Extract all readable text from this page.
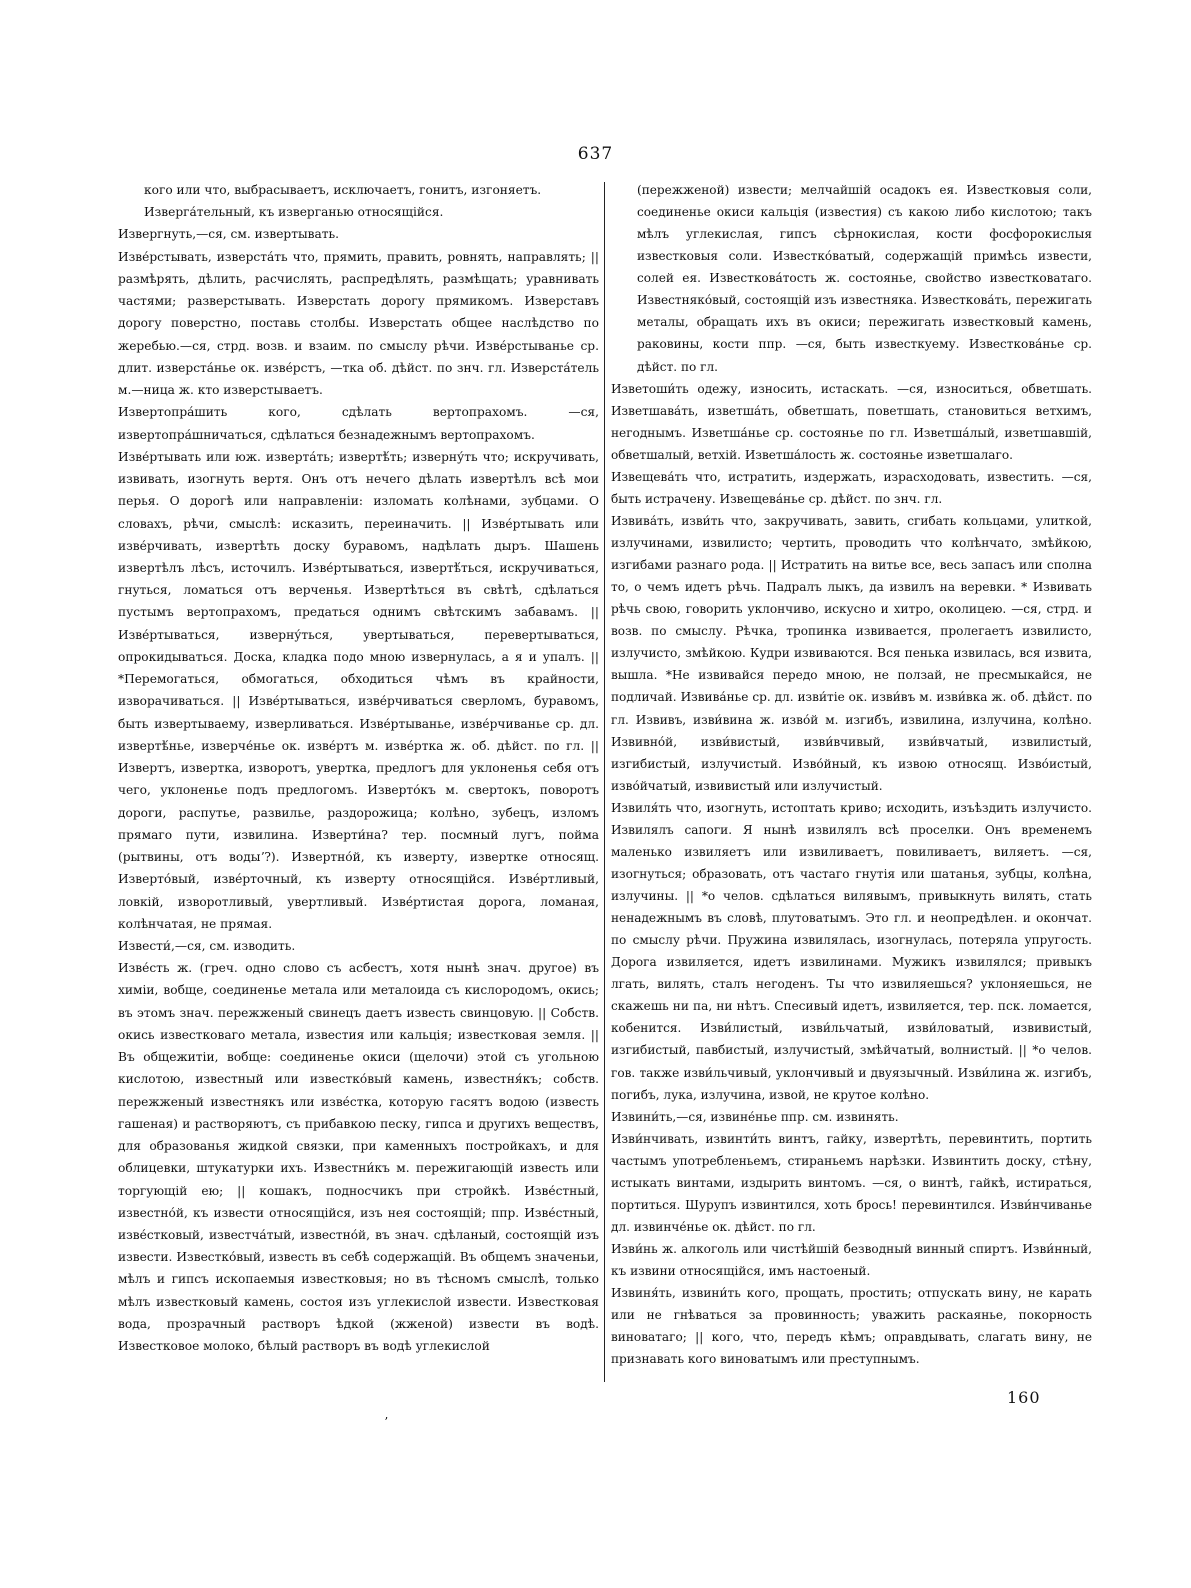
637

кого или что, выбрасываетъ, исключаетъ, гонитъ, изгоняетъ.

Изверга́тельный, къ изверганью относящійся.

Извергнуть,—ся, см. извертывать.

Изве́рстывать, изверста́ть что, прямить, править, ровнять, направлять; || размѣрять, дѣлить, расчислять, распредѣлять, размѣщать; уравнивать частями; разверстывать. Изверстать дорогу прямикомъ. Изверставъ дорогу поверстно, поставь столбы. Изверстать общее наслѣдство по жеребью.—ся, стрд. возв. и взаим. по смыслу рѣчи. Изве́рстыванье ср. длит. изверста́нье ок. изве́рстъ, —тка об. дѣйст. по знч. гл. Изверста́тель м.—ница ж. кто изверстываетъ.

Извертопра́шить кого, сдѣлать вертопрахомъ. —ся, извертопра́шничаться, сдѣлаться безнадежнымъ вертопрахомъ.

Изве́ртывать или юж. изверта́ть; извертѣ́ть; изверну́ть что; искручивать, извивать, изогнуть вертя. Онъ отъ нечего дѣлать извертѣлъ всѣ мои перья. О дорогѣ или направленіи: изломать колѣнами, зубцами. О словахъ, рѣчи, смыслѣ: исказить, переиначить. || Изве́ртывать или изве́рчивать, извертѣть доску буравомъ, надѣлать дыръ. Шашень извертѣлъ лѣсъ, источилъ. Изве́ртываться, извертѣ́ться, искручиваться, гнуться, ломаться отъ верченья. Извертѣться въ свѣтѣ, сдѣлаться пустымъ вертопрахомъ, предаться однимъ свѣтскимъ забавамъ. || Изве́ртываться, изверну́ться, увертываться, перевертываться, опрокидываться. Доска, кладка подо мною извернулась, а я и упалъ. || *Перемогаться, обмогаться, обходиться чѣмъ въ крайности, изворачиваться. || Изве́ртываться, изве́рчиваться сверломъ, буравомъ, быть извертываему, изверливаться. Изве́ртыванье, изве́рчиванье ср. дл. извертѣ́нье, изверче́нье ок. изве́ртъ м. изве́ртка ж. об. дѣйст. по гл. || Извертъ, извертка, изворотъ, увертка, предлогъ для уклоненья себя отъ чего, уклоненье подъ предлогомъ. Изверто́къ м. свертокъ, поворотъ дороги, распутье, развилье, раздорожица; колѣно, зубецъ, изломъ прямаго пути, извилина. Изверти́на? тер. посмный лугъ, пойма (рытвины, отъ водыʼ?). Извертно́й, къ изверту, извертке относящ. Изверто́вый, изве́рточный, къ изверту относящійся. Изве́ртливый, ловкій, изворотливый, увертливый. Изве́ртистая дорога, ломаная, колѣнчатая, не прямая.

Извести́,—ся, см. изводить.

Изве́сть ж. (греч. одно слово съ асбестъ, хотя нынѣ знач. другое) въ химіи, вобще, соединенье метала или металоида съ кислородомъ, окись; въ этомъ знач. пережженый свинецъ даетъ известь свинцовую. || Собств. окись известковаго метала, известия или кальція; известковая земля. || Въ общежитіи, вобще: соединенье окиси (щелочи) этой съ угольною кислотою, известный или известко́вый камень, известня́къ; собств. пережженый известнякъ или изве́стка, которую гасятъ водою (известь гашеная) и растворяютъ, съ прибавкою песку, гипса и другихъ веществъ, для образованья жидкой связки, при каменныхъ постройкахъ, и для облицевки, штукатурки ихъ. Известни́къ м. пережигающій известь или торгующій ею; || кошакъ, подносчикъ при стройкѣ. Изве́стный, известно́й, къ извести относящійся, изъ нея состоящій; ппр. Изве́стный, изве́стковый, известча́тый, известно́й, въ знач. сдѣланый, состоящій изъ извести. Известко́вый, известь въ себѣ содержащій. Въ общемъ значеньи, мѣлъ и гипсъ ископаемыя известковыя; но въ тѣсномъ смыслѣ, только мѣлъ известковый камень, состоя изъ углекислой извести. Известковая вода, прозрачный растворъ ѣдкой (жженой) извести въ водѣ. Известковое молоко, бѣлый растворъ въ водѣ углекислой

(пережженой) извести; мелчайшій осадокъ ея. Известковыя соли, соединенье окиси кальція (известия) съ какою либо кислотою; такъ мѣлъ углекислая, гипсъ сѣрнокислая, кости фосфорокислыя известковыя соли. Известко́ватый, содержащій примѣсь извести, солей ея. Известкова́тость ж. состоянье, свойство известковатаго. Известняко́вый, состоящій изъ известняка. Известкова́ть, пережигать металы, обращать ихъ въ окиси; пережигать известковый камень, раковины, кости ппр. —ся, быть известкуему. Известкова́нье ср. дѣйст. по гл.

Изветоши́ть одежу, износить, истаскать. —ся, износиться, обветшать. Изветшава́ть, изветша́ть, обветшать, поветшать, становиться ветхимъ, негоднымъ. Изветша́нье ср. состоянье по гл. Изветша́лый, изветшавшій, обветшалый, ветхій. Изветша́лость ж. состоянье изветшалаго.

Извещева́ть что, истратить, издержать, израсходовать, известить. —ся, быть истрачену. Извещева́нье ср. дѣйст. по знч. гл.

Извива́ть, изви́ть что, закручивать, завить, сгибать кольцами, улиткой, излучинами, извилисто; чертить, проводить что колѣнчато, змѣйкою, изгибами разнаго рода. || Истратить на витье все, весь запасъ или сполна то, о чемъ идетъ рѣчь. Падралъ лыкъ, да извилъ на веревки. * Извивать рѣчь свою, говорить уклончиво, искусно и хитро, околицею. —ся, стрд. и возв. по смыслу. Рѣчка, тропинка извивается, пролегаетъ извилисто, излучисто, змѣйкою. Кудри извиваются. Вся пенька извилась, вся извита, вышла. *Не извивайся передо мною, не ползай, не пресмыкайся, не подличай. Извива́нье ср. дл. изви́тіе ок. изви́въ м. изви́вка ж. об. дѣйст. по гл. Извивъ, изви́вина ж. изво́й м. изгибъ, извилина, излучина, колѣно. Извивно́й, изви́вистый, изви́вчивый, изви́вчатый, извилистый, изгибистый, излучистый. Изво́йный, къ извою относящ. Изво́истый, изво́йчатый, извивистый или излучистый.

Извиля́ть что, изогнуть, истоптать криво; исходить, изъѣздить излучисто. Извилялъ сапоги. Я нынѣ извилялъ всѣ проселки. Онъ временемъ маленько извиляетъ или извиливаетъ, повиливаетъ, виляетъ. —ся, изогнуться; образовать, отъ частаго гнутія или шатанья, зубцы, колѣна, излучины. || *о челов. сдѣлаться вилявымъ, привыкнуть вилять, стать ненадежнымъ въ словѣ, плутоватымъ. Это гл. и неопредѣлен. и окончат. по смыслу рѣчи. Пружина извилялась, изогнулась, потеряла упругость. Дорога извиляется, идетъ извилинами. Мужикъ извилялся; привыкъ лгать, вилять, сталъ негоденъ. Ты что извиляешься? уклоняешься, не скажешь ни па, ни нѣтъ. Спесивый идетъ, извиляется, тер. пск. ломается, кобенится. Изви́листый, изви́льчатый, изви́ловатый, извивистый, изгибистый, павбистый, излучистый, змѣйчатый, волнистый. || *о челов. гов. также изви́льчивый, уклончивый и двуязычный. Изви́лина ж. изгибъ, погибъ, лука, излучина, извой, не крутое колѣно.

Извини́ть,—ся, извине́нье ппр. см. извинять.

Изви́нчивать, извинти́ть винтъ, гайку, извертѣть, перевинтить, портить частымъ употребленьемъ, стираньемъ нарѣзки. Извинтить доску, стѣну, истыкать винтами, издырить винтомъ. —ся, о винтѣ, гайкѣ, истираться, портиться. Шурупъ извинтился, хоть брось! перевинтился. Изви́нчиванье дл. извинче́нье ок. дѣйст. по гл.

Изви́нь ж. алкоголь или чистѣйшій безводный винный спиртъ. Изви́нный, къ извини относящійся, имъ настоеный.

Извиня́ть, извини́ть кого, прощать, простить; отпускать вину, не карать или не гнѣваться за провинность; уважить раскаянье, покорность виноватаго; || кого, что, передъ кѣмъ; оправдывать, слагать вину, не признавать кого виноватымъ или преступнымъ.

160
ʼ
